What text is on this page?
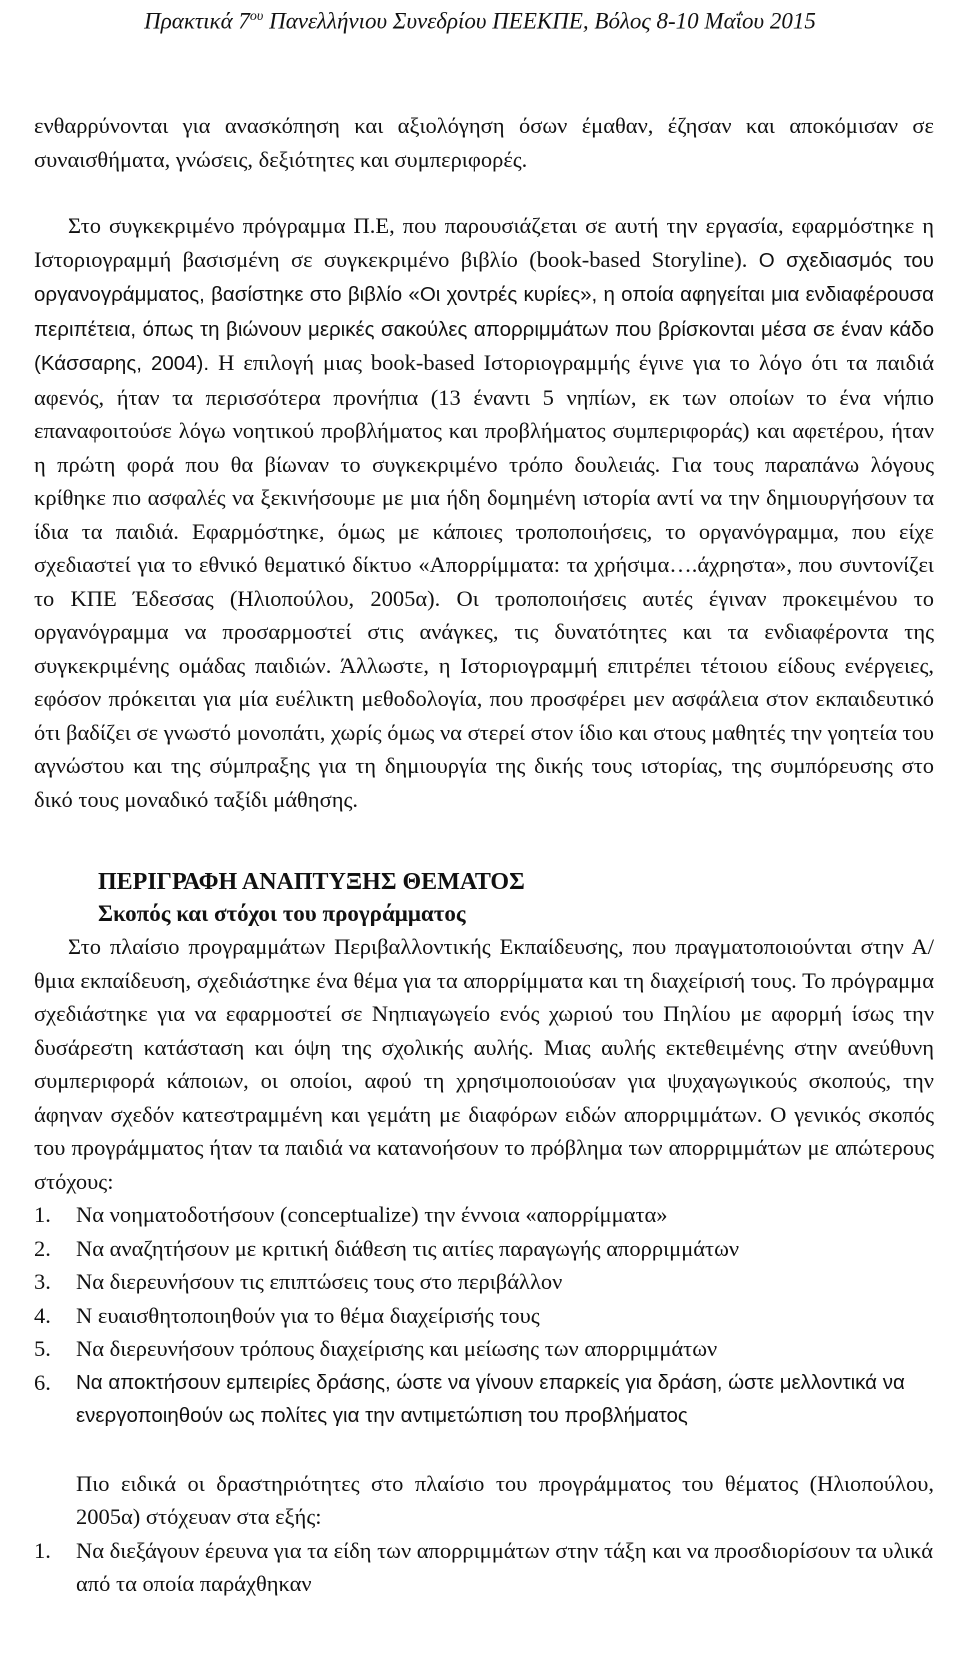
Πρακτικά $7^{o\upsilon}$ Πανελλήνιου Συνεδρίου ΠΕΕΚΠΕ, Βόλος 8-10 Μαΐου 2015

ενθαρρύνονται για ανασκόπηση και αξιολόγηση όσων έμαθαν, έζησαν και αποκόμισαν σε συναισθήματα, γνώσεις, δεξιότητες και συμπεριφορές.

Στο συγκεκριμένο πρόγραμμα Π.Ε, που παρουσιάζεται σε αυτή την εργασία, εφαρμόστηκε η Ιστοριογραμμή βασισμένη σε συγκεκριμένο βιβλίο (book-based Storyline). Ο σχεδιασμός του οργανογράμματος, βασίστηκε στο βιβλίο «Οι χοντρές κυρίες», η οποία αφηγείται μια ενδιαφέρουσα περιπέτεια, όπως τη βιώνουν μερικές σακούλες απορριμμάτων που βρίσκονται μέσα σε έναν κάδο (Κάσσαρης, 2004). Η επιλογή μιας book-based Ιστοριογραμμής έγινε για το λόγο ότι τα παιδιά αφενός, ήταν τα περισσότερα προνήπια (13 έναντι 5 νηπίων, εκ των οποίων το ένα νήπιο επαναφοιτούσε λόγω νοητικού προβλήματος και προβλήματος συμπεριφοράς) και αφετέρου, ήταν η πρώτη φορά που θα βίωναν το συγκεκριμένο τρόπο δουλειάς. Για τους παραπάνω λόγους κρίθηκε πιο ασφαλές να ξεκινήσουμε με μια ήδη δομημένη ιστορία αντί να την δημιουργήσουν τα ίδια τα παιδιά. Εφαρμόστηκε, όμως με κάποιες τροποποιήσεις, το οργανόγραμμα, που είχε σχεδιαστεί για το εθνικό θεματικό δίκτυο «Απορρίμματα: τα χρήσιμα….άχρηστα», που συντονίζει το ΚΠΕ Έδεσσας (Ηλιοπούλου, 2005α). Οι τροποποιήσεις αυτές έγιναν προκειμένου το οργανόγραμμα να προσαρμοστεί στις ανάγκες, τις δυνατότητες και τα ενδιαφέροντα της συγκεκριμένης ομάδας παιδιών. Άλλωστε, η Ιστοριογραμμή επιτρέπει τέτοιου είδους ενέργειες, εφόσον πρόκειται για μία ευέλικτη μεθοδολογία, που προσφέρει μεν ασφάλεια στον εκπαιδευτικό ότι βαδίζει σε γνωστό μονοπάτι, χωρίς όμως να στερεί στον ίδιο και στους μαθητές την γοητεία του αγνώστου και της σύμπραξης για τη δημιουργία της δικής τους ιστορίας, της συμπόρευσης στο δικό τους μοναδικό ταξίδι μάθησης.

ΠΕΡΙΓΡΑΦΗ ΑΝΑΠΤΥΞΗΣ ΘΕΜΑΤΟΣ
Σκοπός και στόχοι του προγράμματος

Στο πλαίσιο προγραμμάτων Περιβαλλοντικής Εκπαίδευσης, που πραγματοποιούνται στην Α/θμια εκπαίδευση, σχεδιάστηκε ένα θέμα για τα απορρίμματα και τη διαχείρισή τους. Το πρόγραμμα σχεδιάστηκε για να εφαρμοστεί σε Νηπιαγωγείο ενός χωριού του Πηλίου με αφορμή ίσως την δυσάρεστη κατάσταση και όψη της σχολικής αυλής. Μιας αυλής εκτεθειμένης στην ανεύθυνη συμπεριφορά κάποιων, οι οποίοι, αφού τη χρησιμοποιούσαν για ψυχαγωγικούς σκοπούς, την άφηναν σχεδόν κατεστραμμένη και γεμάτη με διαφόρων ειδών απορριμμάτων. Ο γενικός σκοπός του προγράμματος ήταν τα παιδιά να κατανοήσουν το πρόβλημα των απορριμμάτων με απώτερους στόχους:

1.	Να νοηματοδοτήσουν (conceptualize) την έννοια «απορρίμματα»
2.	Να αναζητήσουν με κριτική διάθεση τις αιτίες παραγωγής απορριμμάτων
3.	Να διερευνήσουν τις επιπτώσεις τους στο περιβάλλον
4.	Ν ευαισθητοποιηθούν για το θέμα διαχείρισής τους
5.	Να διερευνήσουν τρόπους διαχείρισης και μείωσης των απορριμμάτων
6.	Να αποκτήσουν εμπειρίες δράσης, ώστε να γίνουν επαρκείς για δράση, ώστε μελλοντικά να ενεργοποιηθούν ως πολίτες για την αντιμετώπιση του προβλήματος

Πιο ειδικά οι δραστηριότητες στο πλαίσιο του προγράμματος του θέματος (Ηλιοπούλου, 2005α) στόχευαν στα εξής:

1.	Να διεξάγουν έρευνα για τα είδη των απορριμμάτων στην τάξη και να προσδιορίσουν τα υλικά από τα οποία παράχθηκαν
